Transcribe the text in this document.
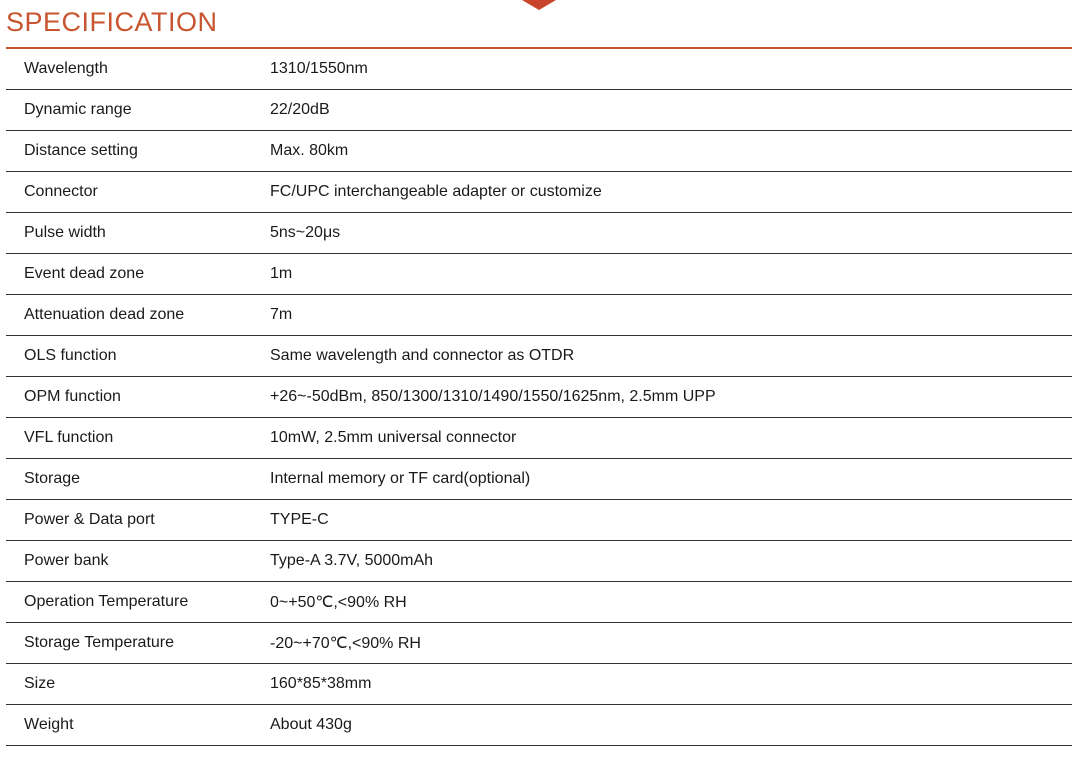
SPECIFICATION
Wavelength	1310/1550nm
Dynamic range	22/20dB
Distance setting	Max. 80km
Connector	FC/UPC interchangeable adapter or customize
Pulse width	5ns~20μs
Event dead zone	1m
Attenuation dead zone	7m
OLS function	Same wavelength and connector as OTDR
OPM function	+26~-50dBm, 850/1300/1310/1490/1550/1625nm, 2.5mm UPP
VFL function	10mW, 2.5mm universal connector
Storage	Internal memory or TF card(optional)
Power & Data port	TYPE-C
Power bank	Type-A 3.7V, 5000mAh
Operation Temperature	0~+50℃,<90% RH
Storage Temperature	-20~+70℃,<90% RH
Size	160*85*38mm
Weight	About 430g
